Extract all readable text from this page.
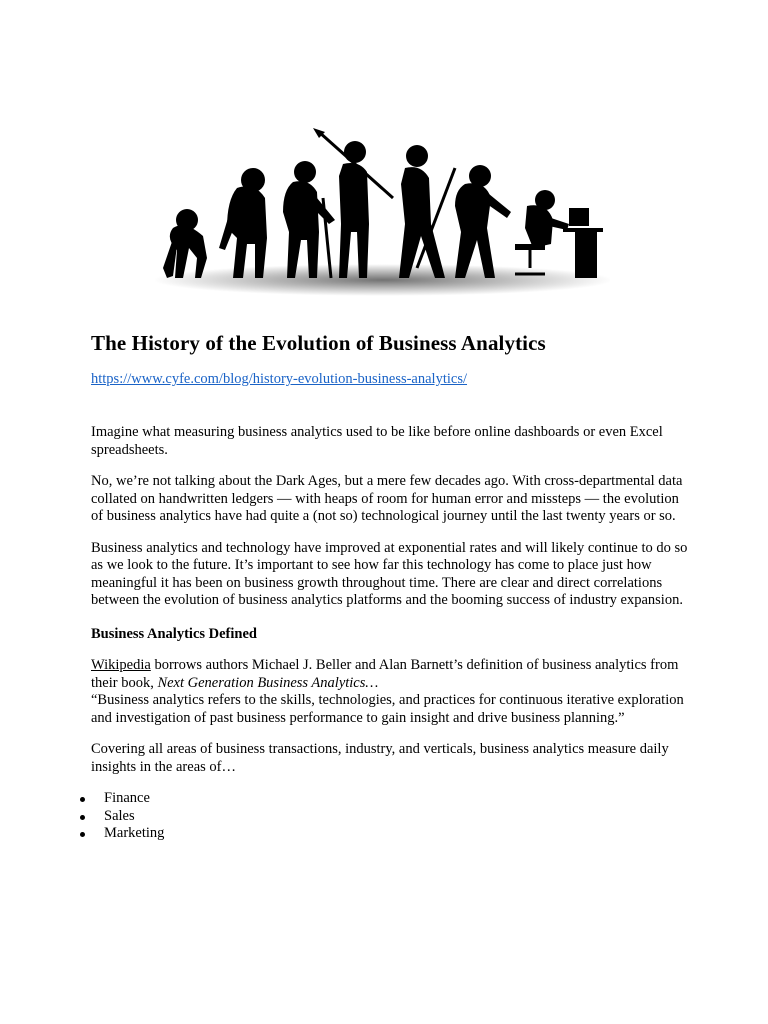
The History of the Evolution of Business Analytics
https://www.cyfe.com/blog/history-evolution-business-analytics/

Imagine what measuring business analytics used to be like before online dashboards or even Excel spreadsheets.

No, we’re not talking about the Dark Ages, but a mere few decades ago. With cross-departmental data collated on handwritten ledgers — with heaps of room for human error and missteps — the evolution of business analytics have had quite a (not so) technological journey until the last twenty years or so.

Business analytics and technology have improved at exponential rates and will likely continue to do so as we look to the future. It’s important to see how far this technology has come to place just how meaningful it has been on business growth throughout time. There are clear and direct correlations between the evolution of business analytics platforms and the booming success of industry expansion.

Business Analytics Defined

Wikipedia borrows authors Michael J. Beller and Alan Barnett’s definition of business analytics from their book, Next Generation Business Analytics…

“Business analytics refers to the skills, technologies, and practices for continuous iterative exploration and investigation of past business performance to gain insight and drive business planning.”

Covering all areas of business transactions, industry, and verticals, business analytics measure daily insights in the areas of…

Finance
Sales
Marketing
